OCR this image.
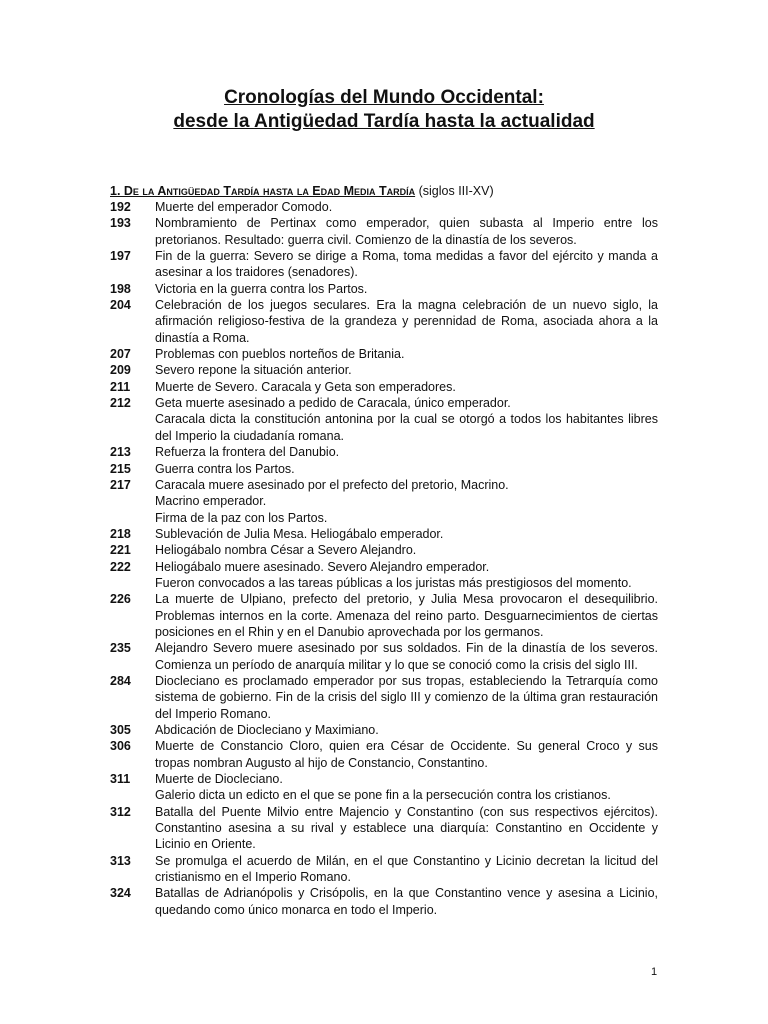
Cronologías del Mundo Occidental:
desde la Antigüedad Tardía hasta la actualidad
1. De la Antigüedad Tardía hasta la Edad Media Tardía (siglos III-XV)
192	Muerte del emperador Comodo.

193	Nombramiento de Pertinax como emperador, quien subasta al Imperio entre los pretorianos. Resultado: guerra civil. Comienzo de la dinastía de los severos.

197	Fin de la guerra: Severo se dirige a Roma, toma medidas a favor del ejército y manda a asesinar a los traidores (senadores).

198	Victoria en la guerra contra los Partos.

204	Celebración de los juegos seculares. Era la magna celebración de un nuevo siglo, la afirmación religioso-festiva de la grandeza y perennidad de Roma, asociada ahora a la dinastía a Roma.

207	Problemas con pueblos norteños de Britania.

209	Severo repone la situación anterior.

211	Muerte de Severo. Caracala y Geta son emperadores.

212	Geta muerte asesinado a pedido de Caracala, único emperador.

Caracala dicta la constitución antonina por la cual se otorgó a todos los habitantes libres del Imperio la ciudadanía romana.

213	Refuerza la frontera del Danubio.

215	Guerra contra los Partos.

217	Caracala muere asesinado por el prefecto del pretorio, Macrino.

Macrino emperador.

Firma de la paz con los Partos.

218	Sublevación de Julia Mesa. Heliogábalo emperador.

221	Heliogábalo nombra César a Severo Alejandro.

222	Heliogábalo muere asesinado. Severo Alejandro emperador.

Fueron convocados a las tareas públicas a los juristas más prestigiosos del momento.

226	La muerte de Ulpiano, prefecto del pretorio, y Julia Mesa provocaron el desequilibrio. Problemas internos en la corte. Amenaza del reino parto. Desguarnecimientos de ciertas posiciones en el Rhin y en el Danubio aprovechada por los germanos.

235	Alejandro Severo muere asesinado por sus soldados. Fin de la dinastía de los severos. Comienza un período de anarquía militar y lo que se conoció como la crisis del siglo III.

284	Diocleciano es proclamado emperador por sus tropas, estableciendo la Tetrarquía como sistema de gobierno. Fin de la crisis del siglo III y comienzo de la última gran restauración del Imperio Romano.

305	Abdicación de Diocleciano y Maximiano.

306	Muerte de Constancio Cloro, quien era César de Occidente. Su general Croco y sus tropas nombran Augusto al hijo de Constancio, Constantino.

311	Muerte de Diocleciano.

Galerio dicta un edicto en el que se pone fin a la persecución contra los cristianos.

312	Batalla del Puente Milvio entre Majencio y Constantino (con sus respectivos ejércitos). Constantino asesina a su rival y establece una diarquía: Constantino en Occidente y Licinio en Oriente.

313	Se promulga el acuerdo de Milán, en el que Constantino y Licinio decretan la licitud del cristianismo en el Imperio Romano.

324	Batallas de Adrianópolis y Crisópolis, en la que Constantino vence y asesina a Licinio, quedando como único monarca en todo el Imperio.

1
